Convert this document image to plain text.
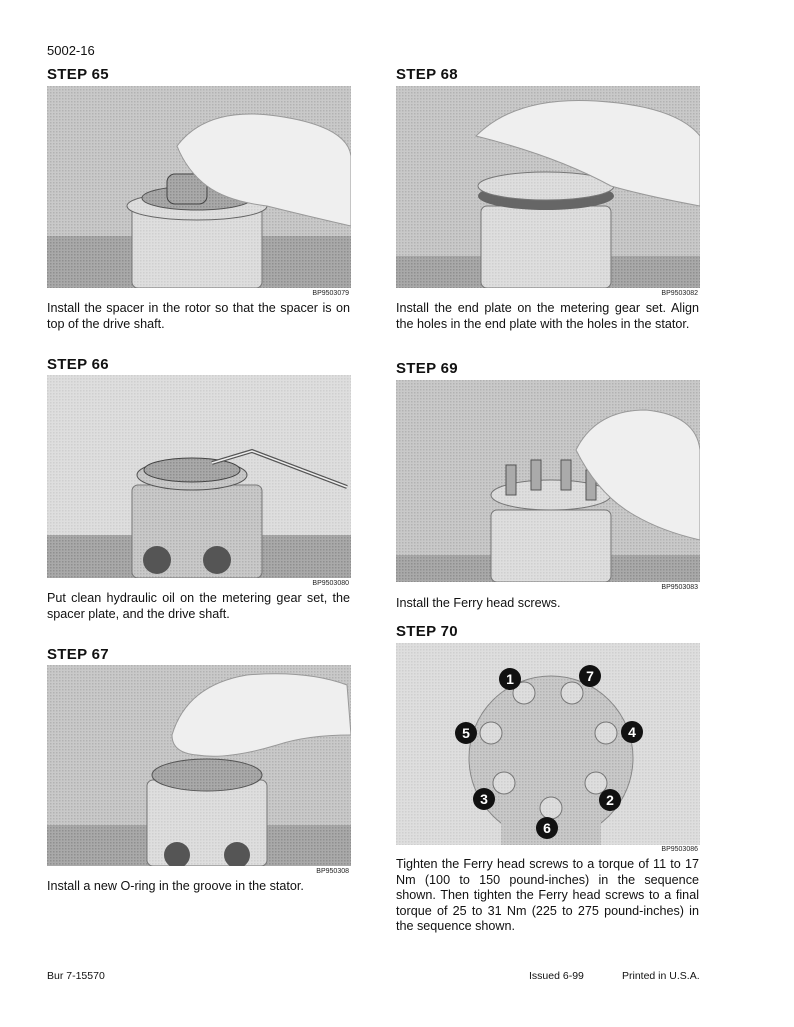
5002-16
STEP 65
BP9503079
Install the spacer in the rotor so that the spacer is on top of the drive shaft.
STEP 66
BP9503080
Put clean hydraulic oil on the metering gear set, the spacer plate, and the drive shaft.
STEP 67
BP950308
Install a new O-ring in the groove in the stator.
STEP 68
BP9503082
Install the end plate on the metering gear set. Align the holes in the end plate with the holes in the stator.
STEP 69
BP9503083
Install the Ferry head screws.
STEP 70
1	7
5	4
3	2
6
BP9503086
Tighten the Ferry head screws to a torque of 11 to 17 Nm (100 to 150 pound-inches) in the sequence shown. Then tighten the Ferry head screws to a final torque of 25 to 31 Nm (225 to 275 pound-inches) in the sequence shown.
Bur 7-15570	Issued 6-99	Printed in U.S.A.
